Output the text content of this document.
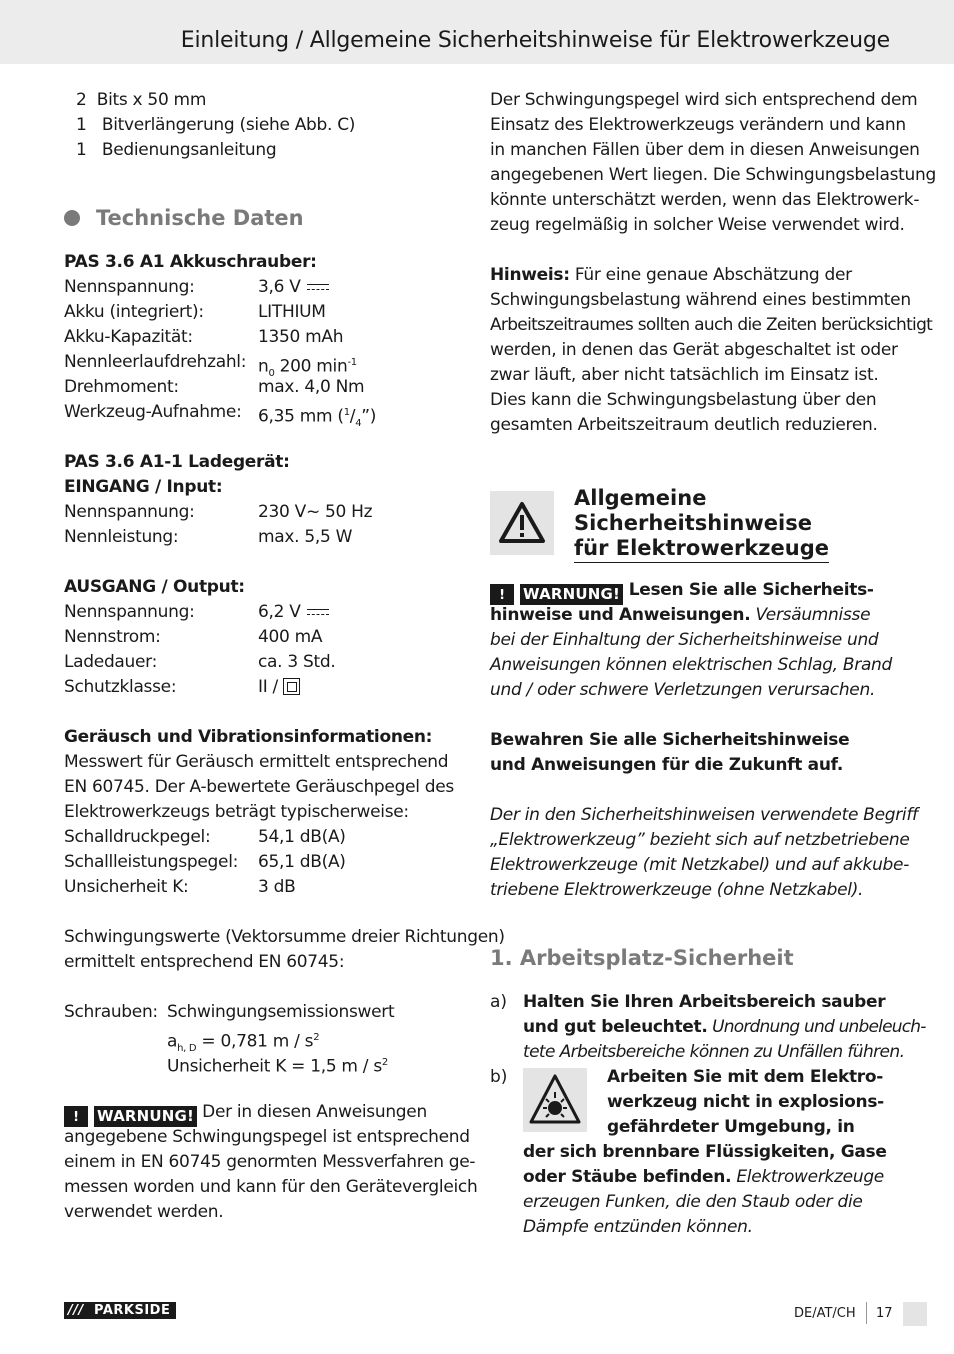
Einleitung / Allgemeine Sicherheitshinweise für Elektrowerkzeuge
2 Bits x 50 mm
1 Bitverlängerung (siehe Abb. C)
1 Bedienungsanleitung
Technische Daten
PAS 3.6 A1 Akkuschrauber:
Nennspannung:	3,6 V
Akku (integriert):	LITHIUM
Akku-Kapazität:	1350 mAh
Nennleerlaufdrehzahl: $n_0$ 200 $\min^{-1}$
Drehmoment:	max. 4,0 Nm
Werkzeug-Aufnahme: 6,35 mm $(^1/_4”)$
PAS 3.6 A1-1 Ladegerät:
EINGANG / Input:
Nennspannung:	230 V~ 50 Hz
Nennleistung:	max. 5,5 W
AUSGANG / Output:
Nennspannung:	6,2 V
Nennstrom:	400 mA
Ladedauer:	ca. 3 Std.
Schutzklasse:	II /
Geräusch und Vibrationsinformationen:
Messwert für Geräusch ermittelt entsprechend
EN 60745. Der A-bewertete Geräuschpegel des
Elektrowerkzeugs beträgt typischerweise:
Schalldruckpegel:	54,1 dB(A)
Schallleistungspegel:	65,1 dB(A)
Unsicherheit K:	3 dB
Schwingungswerte (Vektorsumme dreier Richtungen)
ermittelt entsprechend EN 60745:
Schrauben: Schwingungsemissionswert
$a_{h, D} = 0,781$ m / $s^2$
Unsicherheit K = 1,5 m / $s^2$
!	WARNUNG! Der in diesen Anweisungen
angegebene Schwingungspegel ist entsprechend
einem in EN 60745 genormten Messverfahren ge-
messen worden und kann für den Gerätevergleich
verwendet werden.
Der Schwingungspegel wird sich entsprechend dem
Einsatz des Elektrowerkzeugs verändern und kann
in manchen Fällen über dem in diesen Anweisungen
angegebenen Wert liegen. Die Schwingungsbelastung
könnte unterschätzt werden, wenn das Elektrowerk-
zeug regelmäßig in solcher Weise verwendet wird.
Hinweis: Für eine genaue Abschätzung der
Schwingungsbelastung während eines bestimmten
Arbeitszeitraumes sollten auch die Zeiten berücksichtigt
werden, in denen das Gerät abgeschaltet ist oder
zwar läuft, aber nicht tatsächlich im Einsatz ist.
Dies kann die Schwingungsbelastung über den
gesamten Arbeitszeitraum deutlich reduzieren.
Allgemeine
Sicherheitshinweise
für Elektrowerkzeuge
!	WARNUNG! Lesen Sie alle Sicherheits-
hinweise und Anweisungen. Versäumnisse
bei der Einhaltung der Sicherheitshinweise und
Anweisungen können elektrischen Schlag, Brand
und / oder schwere Verletzungen verursachen.
Bewahren Sie alle Sicherheitshinweise
und Anweisungen für die Zukunft auf.
Der in den Sicherheitshinweisen verwendete Begriff
„Elektrowerkzeug” bezieht sich auf netzbetriebene
Elektrowerkzeuge (mit Netzkabel) und auf akkube-
triebene Elektrowerkzeuge (ohne Netzkabel).
1. Arbeitsplatz-Sicherheit
a) Halten Sie Ihren Arbeitsbereich sauber
und gut beleuchtet. Unordnung und unbeleuch-
tete Arbeitsbereiche können zu Unfällen führen.
b)	Arbeiten Sie mit dem Elektro-
werkzeug nicht in explosions-
gefährdeter Umgebung, in
der sich brennbare Flüssigkeiten, Gase
oder Stäube befinden. Elektrowerkzeuge
erzeugen Funken, die den Staub oder die
Dämpfe entzünden können.
/// PARKSIDE	DE/AT/CH 17
